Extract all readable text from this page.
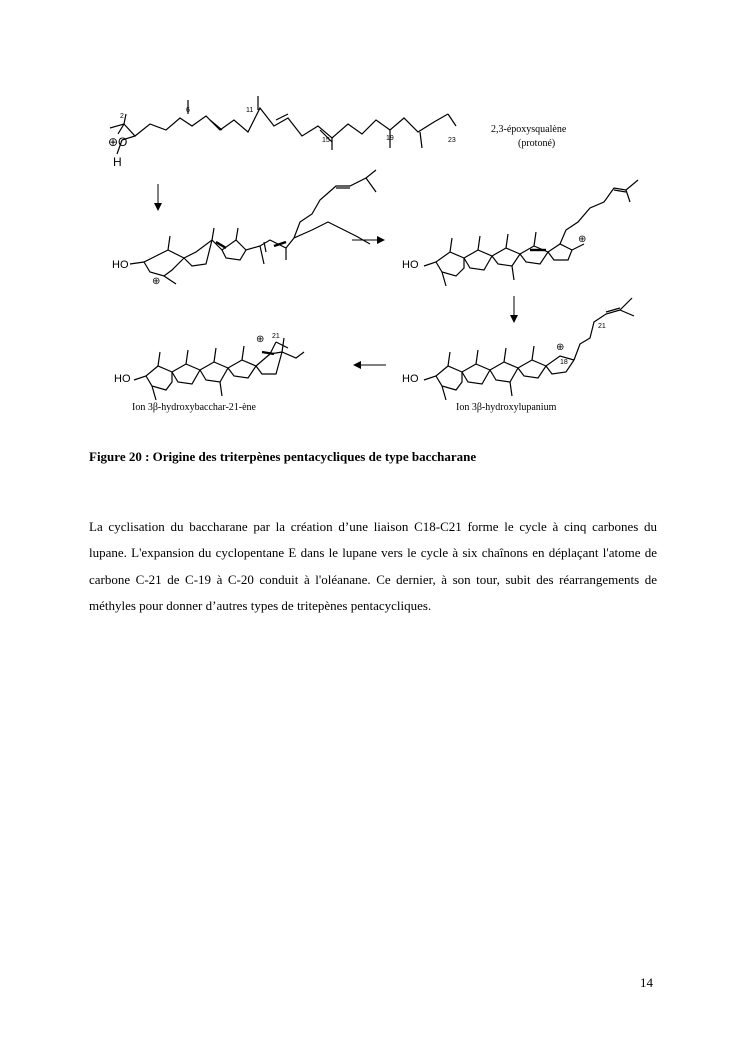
2
6	11
15	19	23
⊕O
H
2,3-époxysqualène
(protoné)
HO
⊕
HO
⊕
HO
⊕ 21
Ion 3β-hydroxybacchar-21-ène
HO
⊕
18
21
Ion 3β-hydroxylupanium
Figure 20 : Origine des triterpènes pentacycliques de type baccharane

La cyclisation du baccharane par la création d’une liaison C18-C21 forme le cycle à cinq carbones du lupane. L'expansion du cyclopentane E dans le lupane vers le cycle à six chaînons en déplaçant l'atome de carbone C-21 de C-19 à C-20 conduit à l'oléanane. Ce dernier, à son tour, subit des réarrangements de méthyles pour donner d’autres types de tritepènes pentacycliques.

14
